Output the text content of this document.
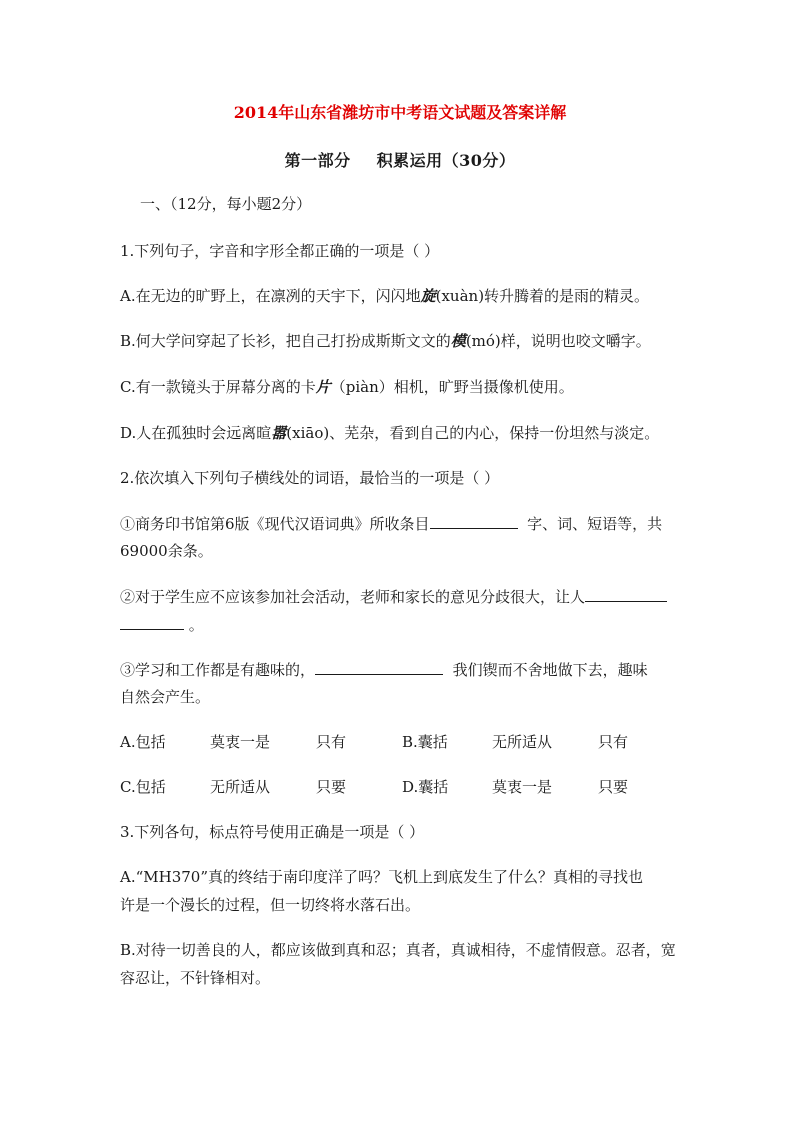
2014年山东省潍坊市中考语文试题及答案详解
第一部分 积累运用（30分）
一、（12分，每小题2分）
1.下列句子，字音和字形全都正确的一项是（ ）
A.在无边的旷野上，在凛冽的天宇下，闪闪地旋(xuàn)转升腾着的是雨的精灵。
B.何大学问穿起了长衫，把自己打扮成斯斯文文的模(mó)样，说明也咬文嚼字。
C.有一款镜头于屏幕分离的卡片（piàn）相机，旷野当摄像机使用。
D.人在孤独时会远离暄嚣(xiāo)、芜杂，看到自己的内心，保持一份坦然与淡定。
2.依次填入下列句子横线处的词语，最恰当的一项是（ ）
①商务印书馆第6版《现代汉语词典》所收条目	字、词、短语等，共
69000余条。
②对于学生应不应该参加社会活动，老师和家长的意见分歧很大，让人
。
③学习和工作都是有趣味的，	我们锲而不舍地做下去，趣味
自然会产生。
A.包括	莫衷一是	只有	B.囊括	无所适从	只有
C.包括	无所适从	只要	D.囊括	莫衷一是	只要
3.下列各句，标点符号使用正确是一项是（ ）
A.“MH370”真的终结于南印度洋了吗？飞机上到底发生了什么？真相的寻找也
许是一个漫长的过程，但一切终将水落石出。
B.对待一切善良的人，都应该做到真和忍；真者，真诚相待，不虚情假意。忍者，宽
容忍让，不针锋相对。
